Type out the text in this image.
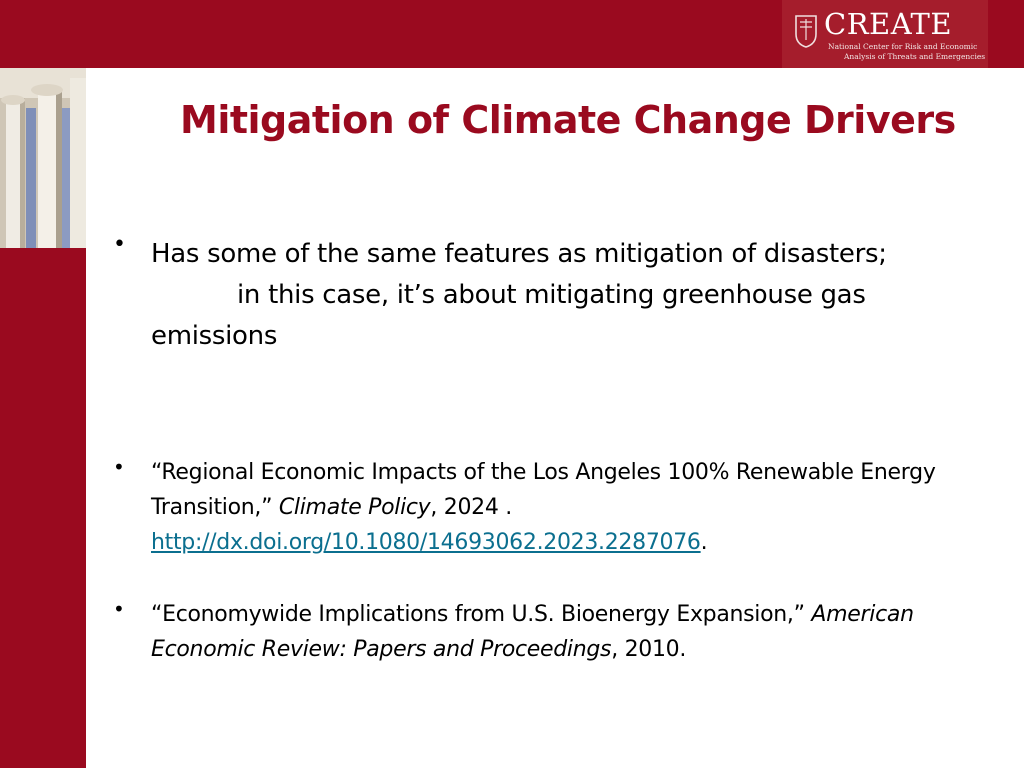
CREATE
National Center for Risk and Economic
Analysis of Threats and Emergencies
Mitigation of Climate Change Drivers
• Has some of the same features as mitigation of disasters;
in this case, it’s about mitigating greenhouse gas
emissions
• “Regional Economic Impacts of the Los Angeles 100% Renewable Energy
Transition,” Climate Policy, 2024 .
http://dx.doi.org/10.1080/14693062.2023.2287076.
• “Economywide Implications from U.S. Bioenergy Expansion,” American
Economic Review: Papers and Proceedings, 2010.
